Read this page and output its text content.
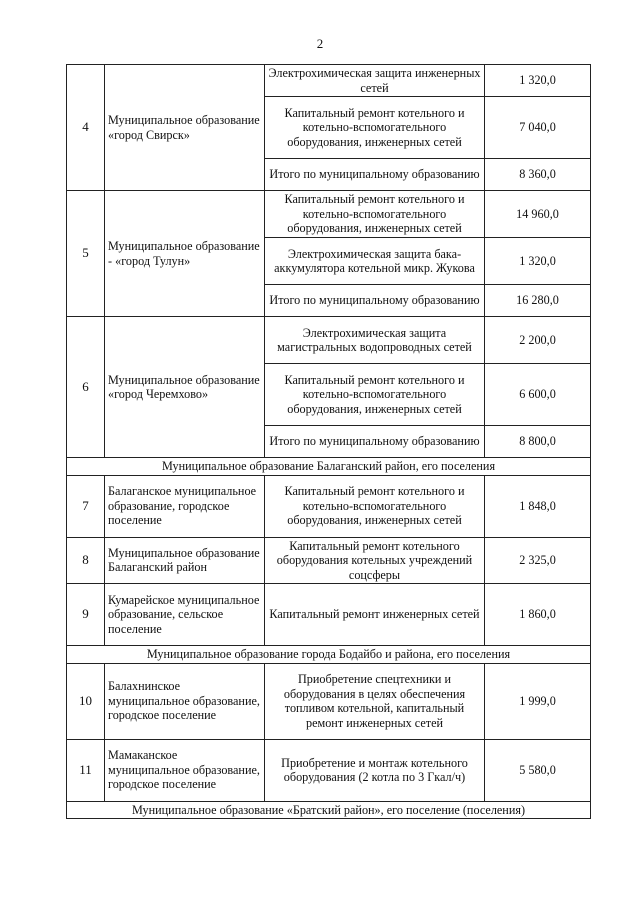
2
4	Муниципальное образование «город Свирск»	Электрохимическая защита инженерных сетей	1 320,0
		Капитальный ремонт котельного и котельно-вспомогательного оборудования, инженерных сетей	7 040,0
		Итого по муниципальному образованию	8 360,0
5	Муниципальное образование - «город Тулун»	Капитальный ремонт котельного и котельно-вспомогательного оборудования, инженерных сетей	14 960,0
		Электрохимическая защита бака-аккумулятора котельной микр. Жукова	1 320,0
		Итого по муниципальному образованию	16 280,0
6	Муниципальное образование «город Черемхово»	Электрохимическая защита магистральных водопроводных сетей	2 200,0
		Капитальный ремонт котельного и котельно-вспомогательного оборудования, инженерных сетей	6 600,0
		Итого по муниципальному образованию	8 800,0
Муниципальное образование Балаганский район, его поселения			
7	Балаганское муниципальное образование, городское поселение	Капитальный ремонт котельного и котельно-вспомогательного оборудования, инженерных сетей	1 848,0
8	Муниципальное образование Балаганский район	Капитальный ремонт котельного оборудования котельных учреждений соцсферы	2 325,0
9	Кумарейское муниципальное образование, сельское поселение	Капитальный ремонт инженерных сетей	1 860,0
Муниципальное образование города Бодайбо и района, его поселения			
10	Балахнинское муниципальное образование, городское поселение	Приобретение спецтехники и оборудования в целях обеспечения топливом котельной, капитальный ремонт инженерных сетей	1 999,0
11	Мамаканское муниципальное образование, городское поселение	Приобретение и монтаж котельного оборудования (2 котла по 3 Гкал/ч)	5 580,0
Муниципальное образование «Братский район», его поселение (поселения)			
